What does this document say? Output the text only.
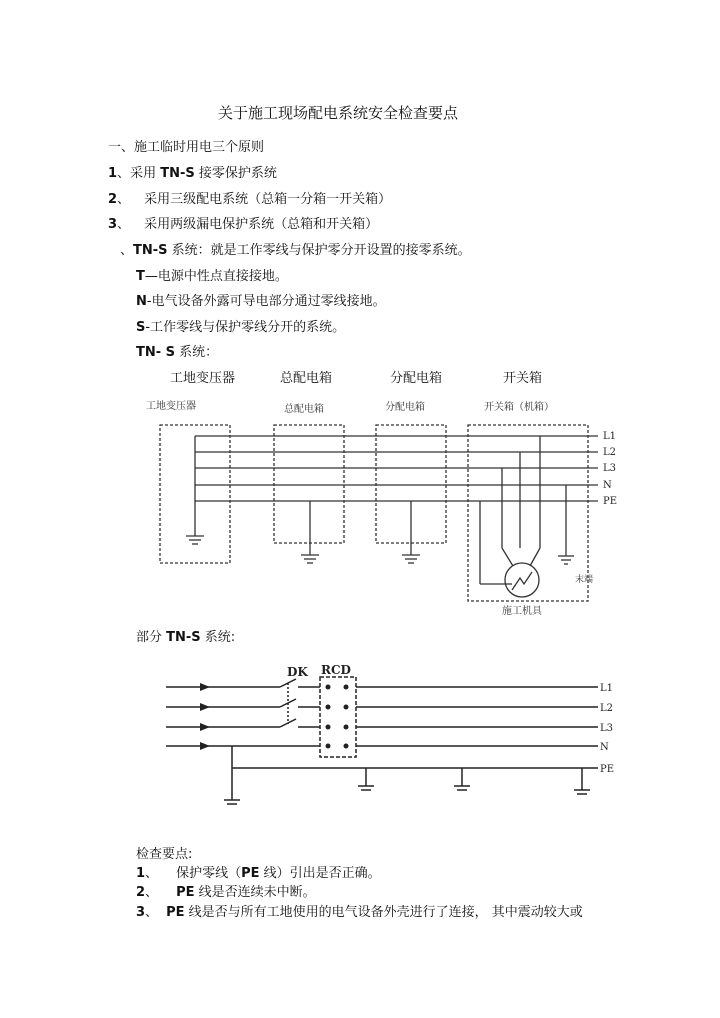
关于施工现场配电系统安全检查要点
一、施工临时用电三个原则
1、采用 TN-S 接零保护系统
2、 采用三级配电系统（总箱一分箱一开关箱）
3、 采用两级漏电保护系统（总箱和开关箱）
、TN-S 系统：就是工作零线与保护零分开设置的接零系统。
T—电源中性点直接接地。
N-电气设备外露可导电部分通过零线接地。
S-工作零线与保护零线分开的系统。
TN- S 系统：
工地变压器	总配电箱	分配电箱	开关箱
工地变压器	总配电箱	分配电箱	开关箱（机箱）
L1
L2
L3
N
PE
末端
施工机具
DK RCD
L1
L2
L3
N
PE
部分 TN-S 系统:
检查要点:
1、 保护零线（PE 线）引出是否正确。
2、 PE 线是否连续未中断。
3、 PE 线是否与所有工地使用的电气设备外壳进行了连接， 其中震动较大或
